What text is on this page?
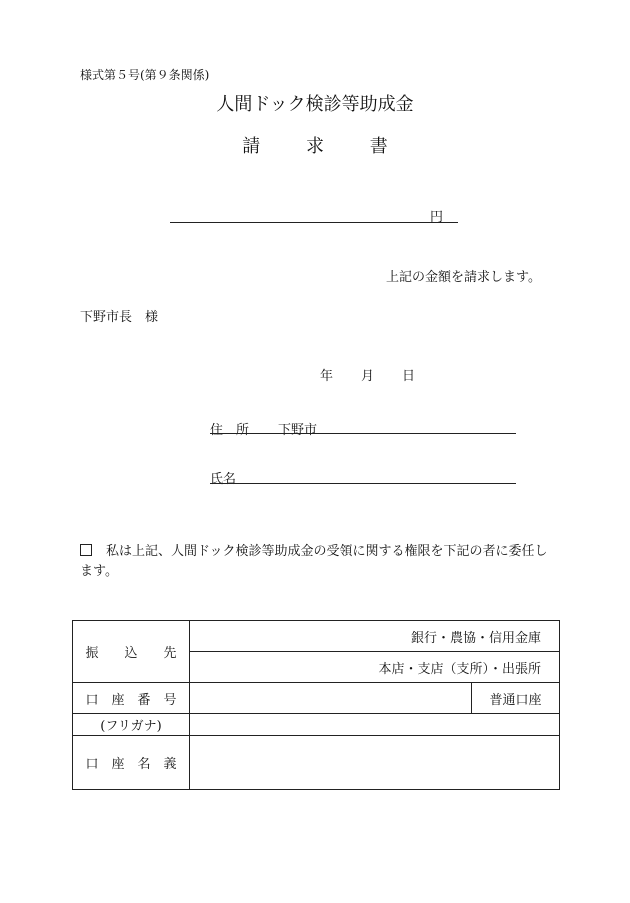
様式第５号(第９条関係)
人間ドック検診等助成金
請	求	書
円
上記の金額を請求します。
下野市長　様
年 月 日
住　所 下野市
氏名
私は上記、人間ドック検診等助成金の受領に関する権限を下記の者に委任します。
振　　込　　先	銀行・農協・信用金庫	
	本店・支店（支所）・出張所	
口　座　番　号		普通口座
(フリガナ)		
口　座　名　義		
